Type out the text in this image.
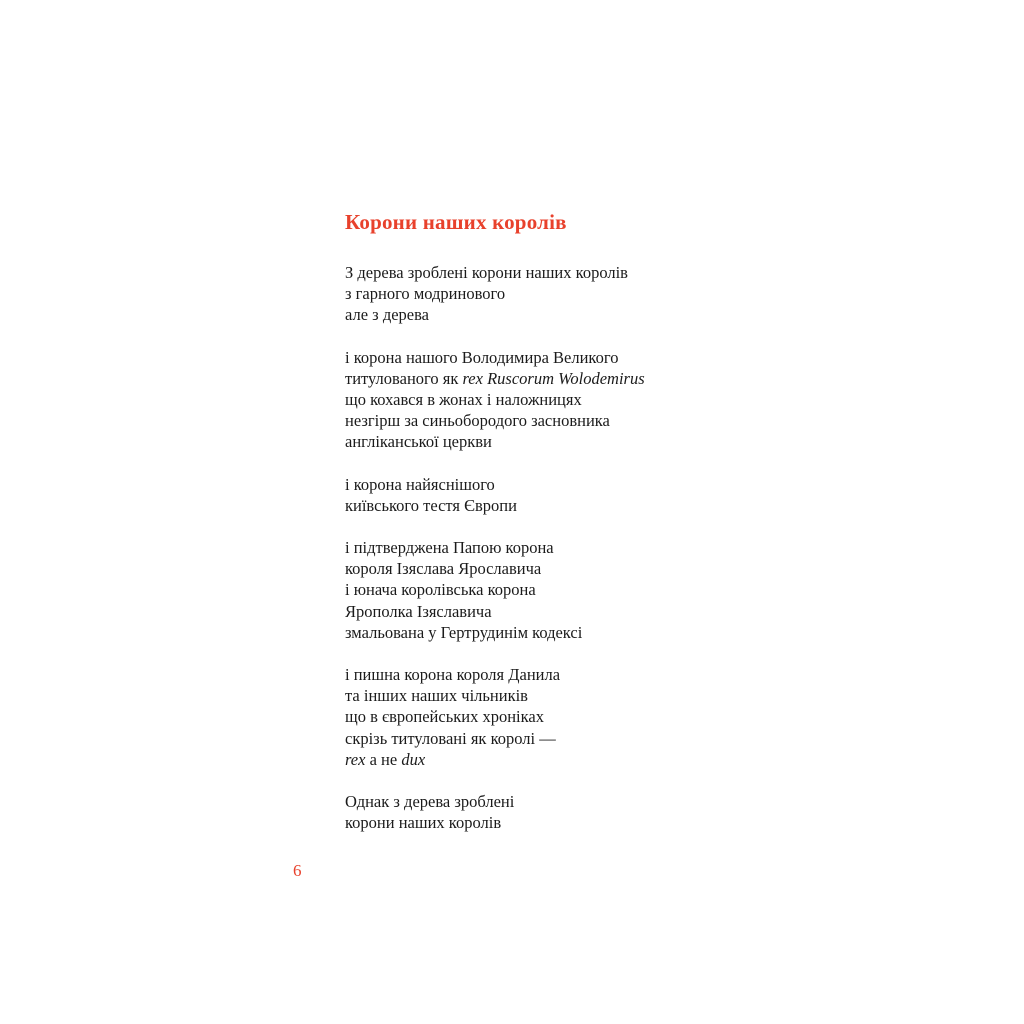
Корони наших королів

З дерева зроблені корони наших королів
з гарного модринового
але з дерева

і корона нашого Володимира Великого
титулованого як rex Ruscorum Wolodemirus
що кохався в жонах і наложницях
незгірш за синьобородого засновника
англіканської церкви

і корона найяснішого
київського тестя Європи

і підтверджена Папою корона
короля Ізяслава Ярославича
і юнача королівська корона
Ярополка Ізяславича
змальована у Гертрудинім кодексі

і пишна корона короля Данила
та інших наших чільників
що в європейських хроніках
скрізь титуловані як королі —
rex а не dux

Однак з дерева зроблені
корони наших королів

6
